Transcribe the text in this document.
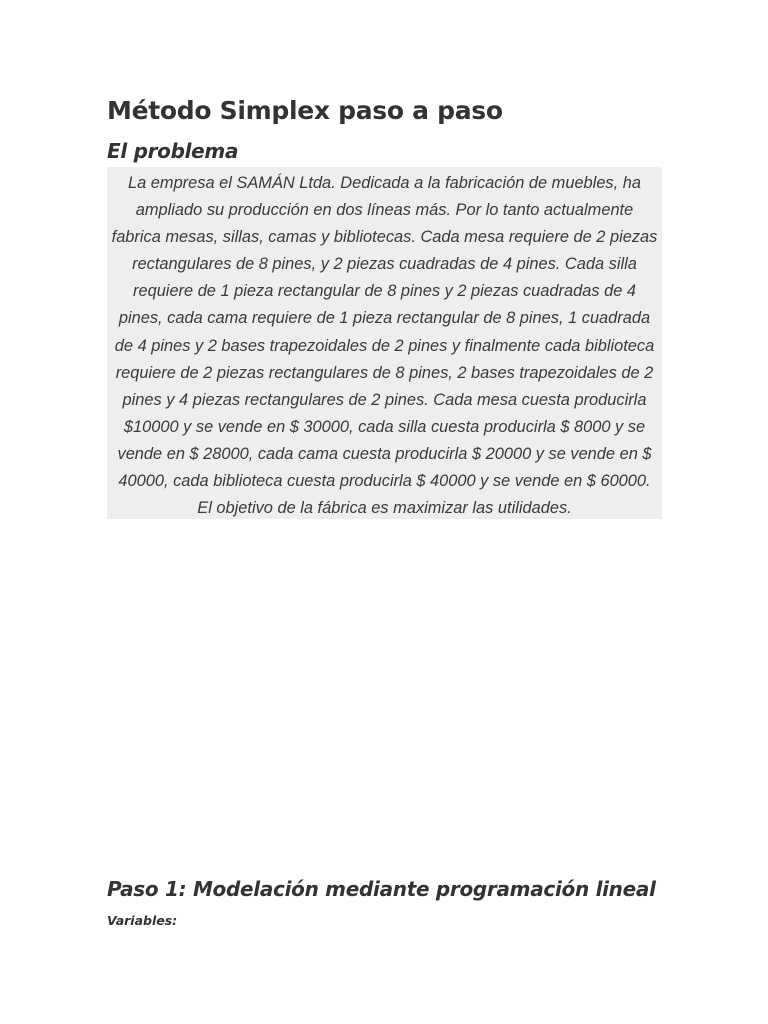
Método Simplex paso a paso
El problema

La empresa el SAMÁN Ltda. Dedicada a la fabricación de muebles, ha ampliado su producción en dos líneas más. Por lo tanto actualmente fabrica mesas, sillas, camas y bibliotecas. Cada mesa requiere de 2 piezas rectangulares de 8 pines, y 2 piezas cuadradas de 4 pines. Cada silla requiere de 1 pieza rectangular de 8 pines y 2 piezas cuadradas de 4 pines, cada cama requiere de 1 pieza rectangular de 8 pines, 1 cuadrada de 4 pines y 2 bases trapezoidales de 2 pines y finalmente cada biblioteca requiere de 2 piezas rectangulares de 8 pines, 2 bases trapezoidales de 2 pines y 4 piezas rectangulares de 2 pines. Cada mesa cuesta producirla $10000 y se vende en $ 30000, cada silla cuesta producirla $ 8000 y se vende en $ 28000, cada cama cuesta producirla $ 20000 y se vende en $ 40000, cada biblioteca cuesta producirla $ 40000 y se vende en $ 60000. El objetivo de la fábrica es maximizar las utilidades.

Paso 1: Modelación mediante programación lineal

Variables:
